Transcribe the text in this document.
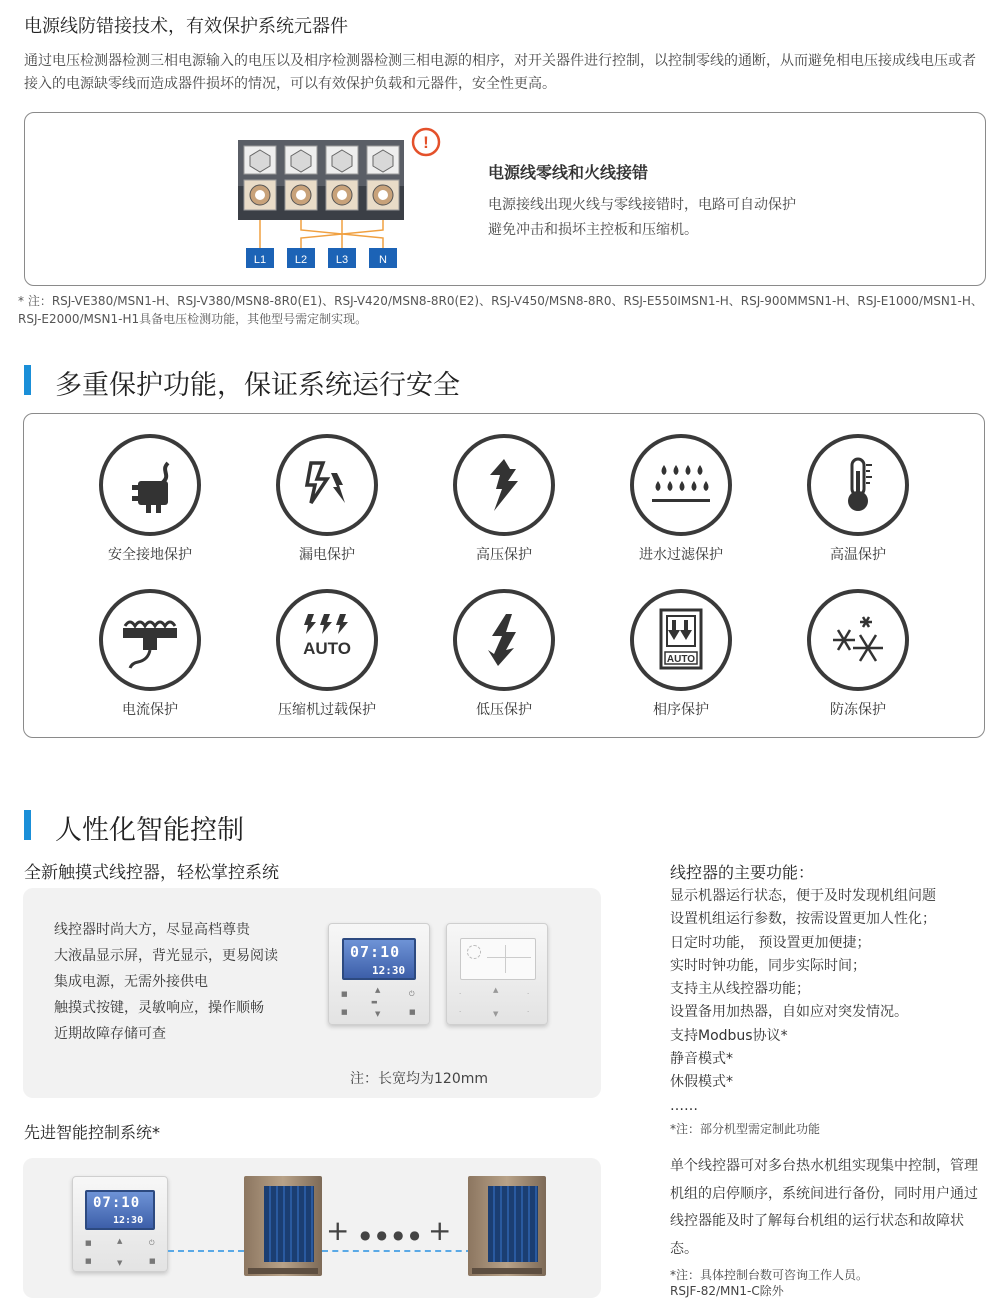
电源线防错接技术，有效保护系统元器件
通过电压检测器检测三相电源输入的电压以及相序检测器检测三相电源的相序，对开关器件进行控制，以控制零线的通断，从而避免相电压接成线电压或者接入的电源缺零线而造成器件损坏的情况，可以有效保护负载和元器件，安全性更高。
L1	L2	L3	N
!
电源线零线和火线接错
电源接线出现火线与零线接错时，电路可自动保护避免冲击和损坏主控板和压缩机。
* 注：RSJ-VE380/MSN1-H、RSJ-V380/MSN8-8R0(E1)、RSJ-V420/MSN8-8R0(E2)、RSJ-V450/MSN8-8R0、RSJ-E550IMSN1-H、RSJ-900MMSN1-H、RSJ-E1000/MSN1-H、RSJ-E2000/MSN1-H1具备电压检测功能，其他型号需定制实现。
多重保护功能，保证系统运行安全
安全接地保护	漏电保护	高压保护	进水过滤保护	高温保护
电流保护
AUTO
压缩机过载保护	低压保护
AUTO
相序保护	防冻保护
人性化智能控制
全新触摸式线控器，轻松掌控系统
线控器时尚大方，尽显高档尊贵
大液晶显示屏，背光显示，更易阅读
集成电源，无需外接供电
触摸式按键，灵敏响应，操作顺畅
近期故障存储可查
07:10
12:30
■	▲	⏻
▬
■	▼	■
·	▲	·
·	▼	·
注：长宽均为120mm
先进智能控制系统*
07:10
12:30
■	▲	⏻
■	▼	■
+ ●●●● +
线控器的主要功能：
显示机器运行状态，便于及时发现机组问题
设置机组运行参数，按需设置更加人性化；
日定时功能， 预设置更加便捷；
实时时钟功能，同步实际时间；
支持主从线控器功能；
设置备用加热器，自如应对突发情况。
支持Modbus协议*
静音模式*
休假模式*
……
*注：部分机型需定制此功能
单个线控器可对多台热水机组实现集中控制，管理机组的启停顺序，系统间进行备份，同时用户通过线控器能及时了解每台机组的运行状态和故障状态。
*注：具体控制台数可咨询工作人员。
RSJF-82/MN1-C除外
